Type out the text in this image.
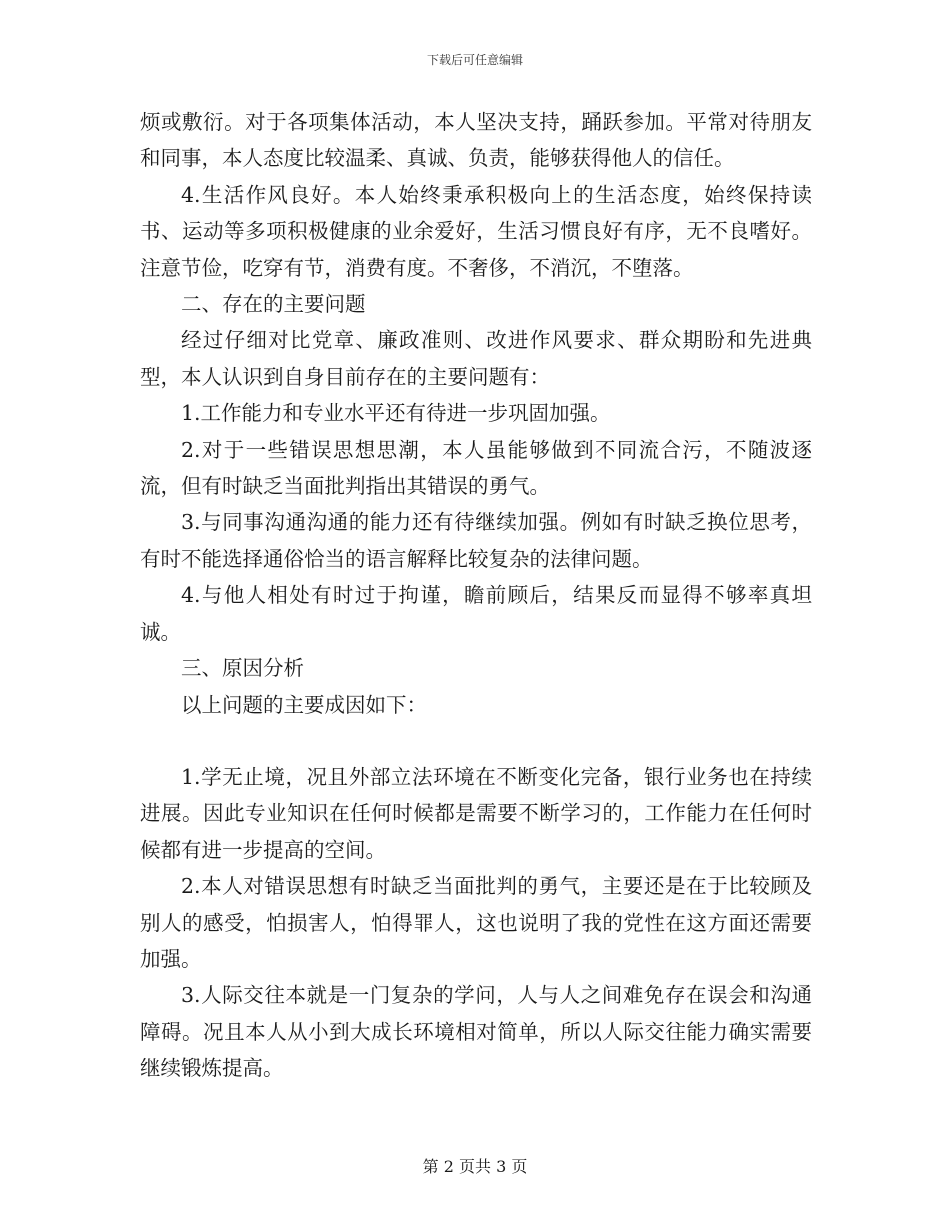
下载后可任意编辑

烦或敷衍。对于各项集体活动，本人坚决支持，踊跃参加。平常对待朋友和同事，本人态度比较温柔、真诚、负责，能够获得他人的信任。

4.生活作风良好。本人始终秉承积极向上的生活态度，始终保持读书、运动等多项积极健康的业余爱好，生活习惯良好有序，无不良嗜好。注意节俭，吃穿有节，消费有度。不奢侈，不消沉，不堕落。

二、存在的主要问题

经过仔细对比党章、廉政准则、改进作风要求、群众期盼和先进典型，本人认识到自身目前存在的主要问题有：

1.工作能力和专业水平还有待进一步巩固加强。

2.对于一些错误思想思潮，本人虽能够做到不同流合污，不随波逐流，但有时缺乏当面批判指出其错误的勇气。

3.与同事沟通沟通的能力还有待继续加强。例如有时缺乏换位思考，有时不能选择通俗恰当的语言解释比较复杂的法律问题。

4.与他人相处有时过于拘谨，瞻前顾后，结果反而显得不够率真坦诚。

三、原因分析

以上问题的主要成因如下：

1.学无止境，况且外部立法环境在不断变化完备，银行业务也在持续进展。因此专业知识在任何时候都是需要不断学习的，工作能力在任何时候都有进一步提高的空间。

2.本人对错误思想有时缺乏当面批判的勇气，主要还是在于比较顾及别人的感受，怕损害人，怕得罪人，这也说明了我的党性在这方面还需要加强。

3.人际交往本就是一门复杂的学问，人与人之间难免存在误会和沟通障碍。况且本人从小到大成长环境相对简单，所以人际交往能力确实需要继续锻炼提高。

第 2 页共 3 页
